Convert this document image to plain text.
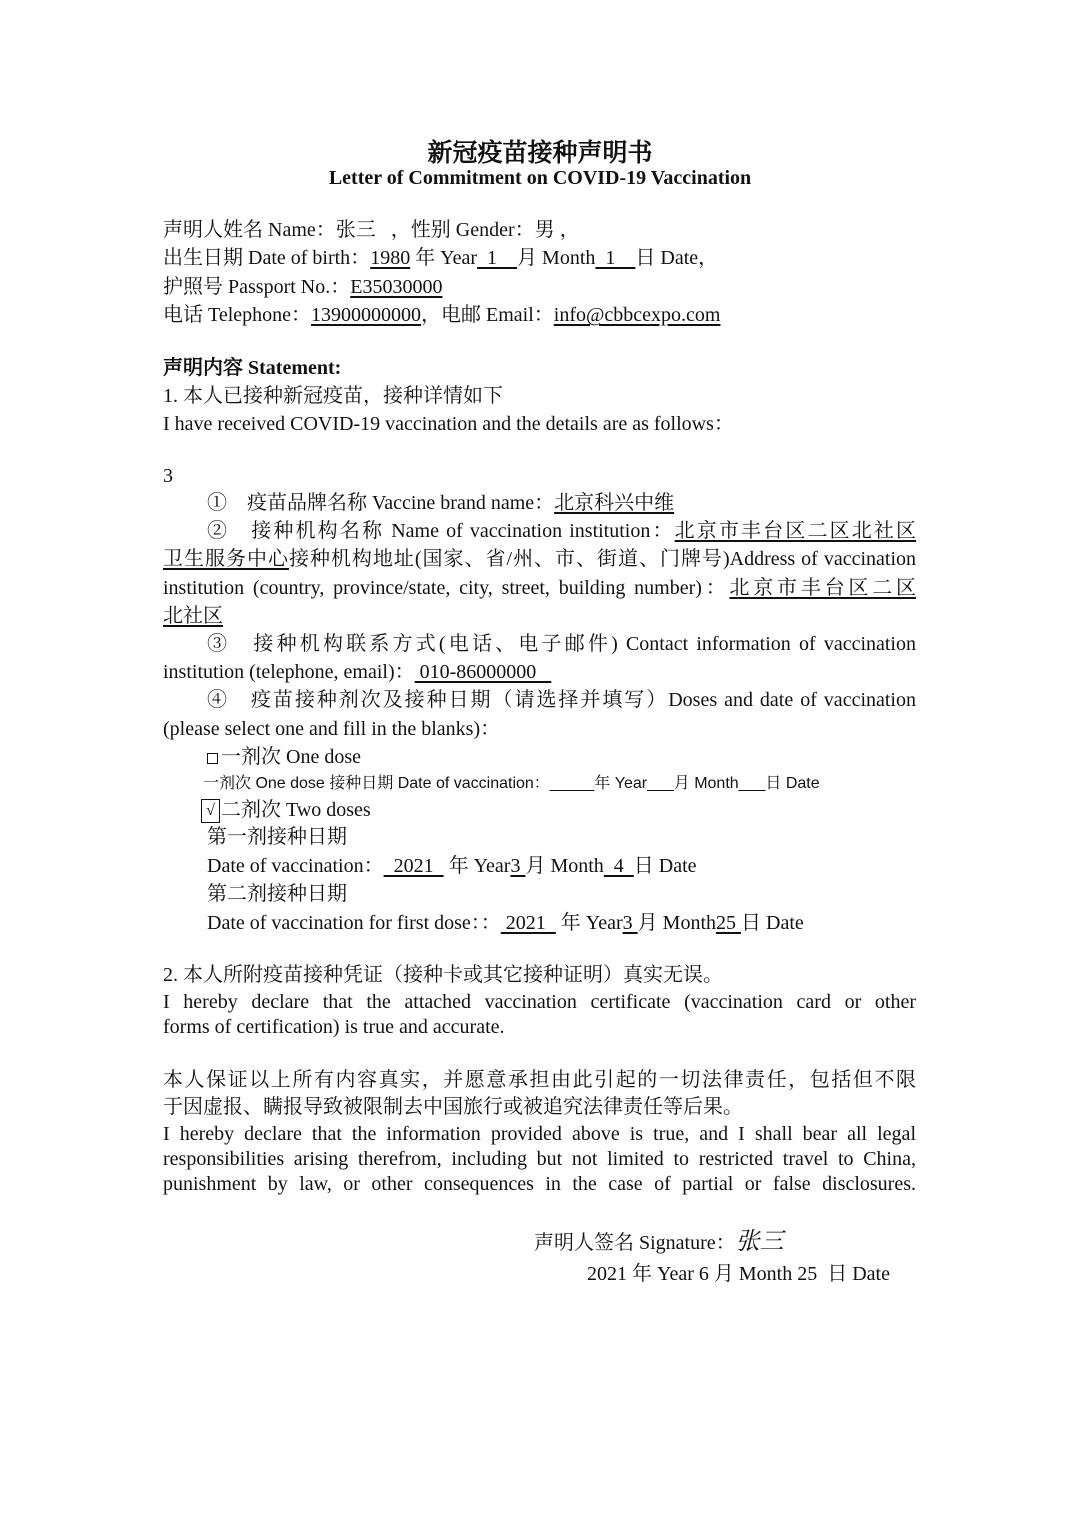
新冠疫苗接种声明书
Letter of Commitment on COVID-19 Vaccination
声明人姓名 Name：张三 ，性别 Gender：男 ，
出生日期 Date of birth：1980 年 Year  1    月 Month  1    日 Date，
护照号 Passport No.：E35030000
电话 Telephone：13900000000，电邮 Email：info@cbbcexpo.com
声明内容 Statement:
1. 本人已接种新冠疫苗，接种详情如下
I have received COVID-19 vaccination and the details are as follows：
3
①　疫苗品牌名称 Vaccine brand name：北京科兴中维
②　接种机构名称 Name of vaccination institution：北京市丰台区二区北社区
卫生服务中心接种机构地址(国家、省/州、市、街道、门牌号)Address of vaccination
institution (country, province/state, city, street, building number)：北京市丰台区二区
北社区
③　接种机构联系方式(电话、电子邮件) Contact information of vaccination
institution (telephone, email)： 010-86000000
④　疫苗接种剂次及接种日期（请选择并填写）Doses and date of vaccination
(please select one and fill in the blanks)：
一剂次 One dose
一剂次 One dose 接种日期 Date of vaccination：_____年 Year___月 Month___日 Date
√ 二剂次 Two doses
第一剂接种日期
Date of vaccination：  2021   年 Year3 月 Month  4  日 Date
第二剂接种日期
Date of vaccination for first dose：： 2021   年 Year3 月 Month25 日 Date
2. 本人所附疫苗接种凭证（接种卡或其它接种证明）真实无误。
I hereby declare that the attached vaccination certificate (vaccination card or other
forms of certification) is true and accurate.
本人保证以上所有内容真实，并愿意承担由此引起的一切法律责任，包括但不限
于因虚报、瞒报导致被限制去中国旅行或被追究法律责任等后果。
I hereby declare that the information provided above is true, and I shall bear all legal
responsibilities arising therefrom, including but not limited to restricted travel to China,
punishment by law, or other consequences in the case of partial or false disclosures.
声明人签名 Signature：张三
2021 年 Year 6 月 Month 25  日 Date
